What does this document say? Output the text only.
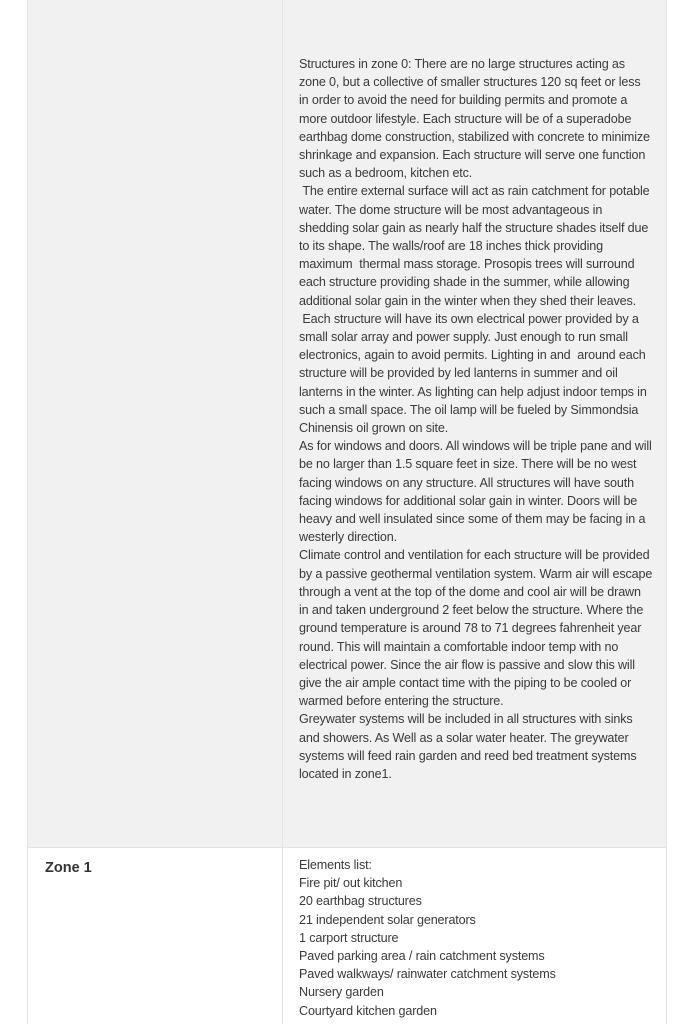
Structures in zone 0: There are no large structures acting as zone 0, but a collective of smaller structures 120 sq feet or less in order to avoid the need for building permits and promote a more outdoor lifestyle. Each structure will be of a superadobe earthbag dome construction, stabilized with concrete to minimize shrinkage and expansion. Each structure will serve one function such as a bedroom, kitchen etc.

The entire external surface will act as rain catchment for potable water. The dome structure will be most advantageous in shedding solar gain as nearly half the structure shades itself due to its shape. The walls/roof are 18 inches thick providing maximum  thermal mass storage. Prosopis trees will surround each structure providing shade in the summer, while allowing additional solar gain in the winter when they shed their leaves.

Each structure will have its own electrical power provided by a small solar array and power supply. Just enough to run small electronics, again to avoid permits. Lighting in and  around each structure will be provided by led lanterns in summer and oil lanterns in the winter. As lighting can help adjust indoor temps in such a small space. The oil lamp will be fueled by Simmondsia Chinensis oil grown on site.

As for windows and doors. All windows will be triple pane and will be no larger than 1.5 square feet in size. There will be no west facing windows on any structure. All structures will have south facing windows for additional solar gain in winter. Doors will be heavy and well insulated since some of them may be facing in a westerly direction.

Climate control and ventilation for each structure will be provided by a passive geothermal ventilation system. Warm air will escape through a vent at the top of the dome and cool air will be drawn in and taken underground 2 feet below the structure. Where the ground temperature is around 78 to 71 degrees fahrenheit year round. This will maintain a comfortable indoor temp with no electrical power. Since the air flow is passive and slow this will give the air ample contact time with the piping to be cooled or warmed before entering the structure.

Greywater systems will be included in all structures with sinks and showers. As Well as a solar water heater. The greywater systems will feed rain garden and reed bed treatment systems located in zone1.

Zone 1	Elements list:
Fire pit/ out kitchen
20 earthbag structures
21 independent solar generators
1 carport structure
Paved parking area / rain catchment systems
Paved walkways/ rainwater catchment systems
Nursery garden
Courtyard kitchen garden
